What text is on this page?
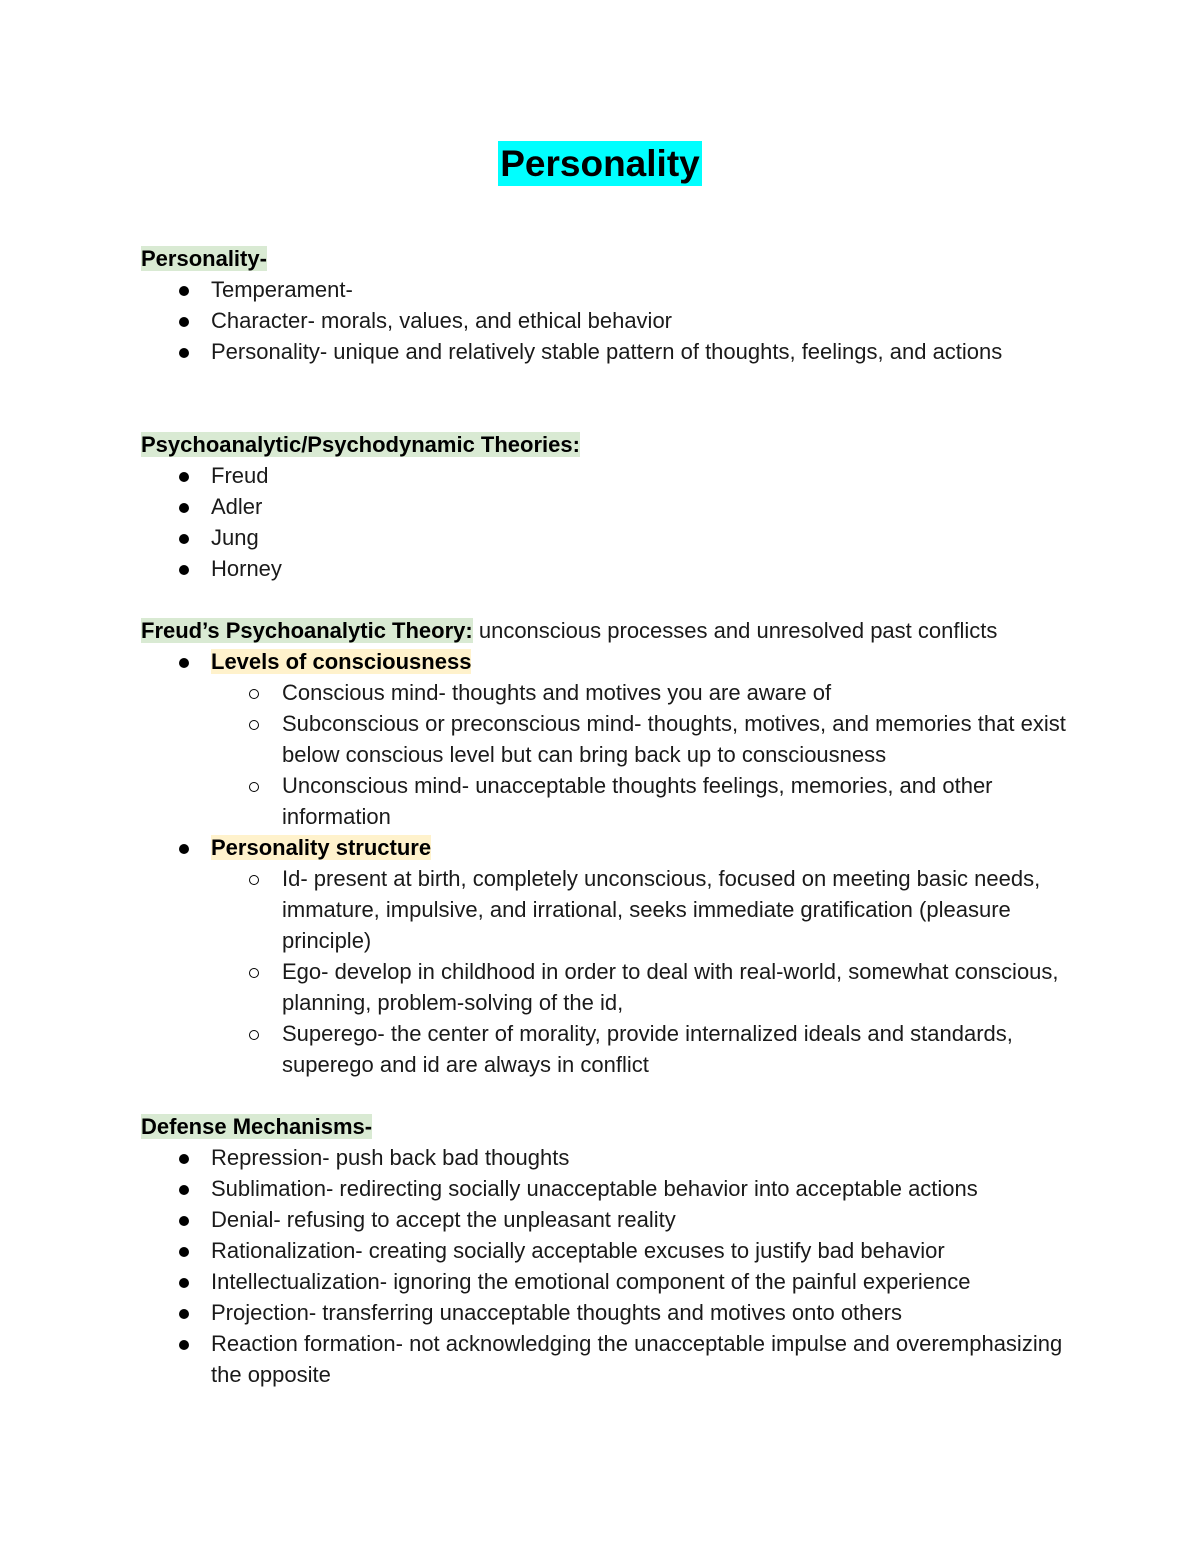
Personality

Personality-

Temperament-
Character- morals, values, and ethical behavior
Personality- unique and relatively stable pattern of thoughts, feelings, and actions

Psychoanalytic/Psychodynamic Theories:

Freud
Adler
Jung
Horney

Freud’s Psychoanalytic Theory: unconscious processes and unresolved past conflicts

Levels of consciousness
Conscious mind- thoughts and motives you are aware of
Subconscious or preconscious mind- thoughts, motives, and memories that exist below conscious level but can bring back up to consciousness
Unconscious mind- unacceptable thoughts feelings, memories, and other information
Personality structure
Id- present at birth, completely unconscious, focused on meeting basic needs, immature, impulsive, and irrational, seeks immediate gratification (pleasure principle)
Ego- develop in childhood in order to deal with real-world, somewhat conscious, planning, problem-solving of the id,
Superego- the center of morality, provide internalized ideals and standards, superego and id are always in conflict

Defense Mechanisms-

Repression- push back bad thoughts
Sublimation- redirecting socially unacceptable behavior into acceptable actions
Denial- refusing to accept the unpleasant reality
Rationalization- creating socially acceptable excuses to justify bad behavior
Intellectualization- ignoring the emotional component of the painful experience
Projection- transferring unacceptable thoughts and motives onto others
Reaction formation- not acknowledging the unacceptable impulse and overemphasizing the opposite
